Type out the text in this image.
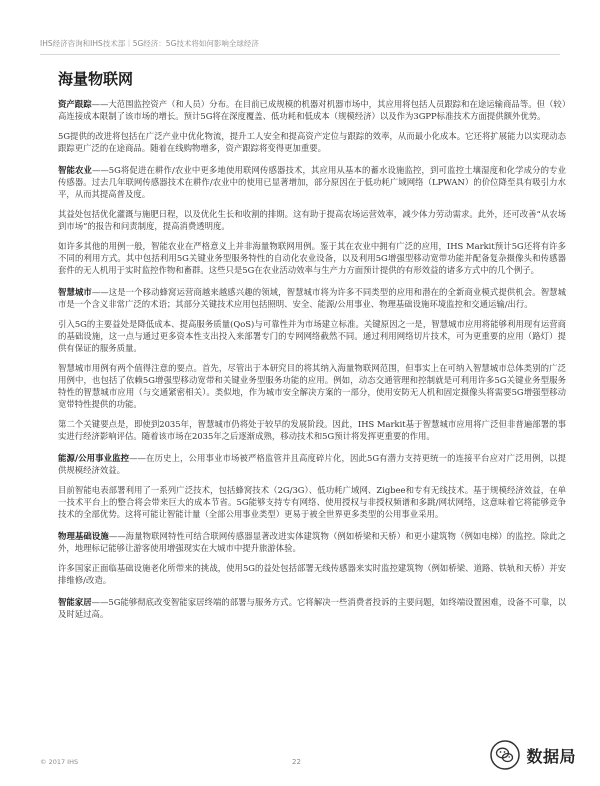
IHS经济咨询和IHS技术部｜5G经济：5G技术将如何影响全球经济
海量物联网

资产跟踪——大范围监控资产（和人员）分布。在目前已成规模的机器对机器市场中，其应用将包括人员跟踪和在途运输商品等。但（较）高连接成本限制了该市场的增长。预计5G将在深度覆盖、低功耗和低成本（规模经济）以及作为3GPP标准技术方面提供额外优势。

5G提供的改进将包括在广泛产业中优化物流，提升工人安全和提高资产定位与跟踪的效率，从而最小化成本。它还将扩展能力以实现动态跟踪更广泛的在途商品。随着在线购物增多，资产跟踪将变得更加重要。

智能农业——5G将促进在耕作/农业中更多地使用联网传感器技术，其应用从基本的蓄水设施监控，到可监控土壤湿度和化学成分的专业传感器。过去几年联网传感器技术在耕作/农业中的使用已显著增加，部分原因在于低功耗广域网络（LPWAN）的价位降至具有吸引力水平，从而其提高普及度。

其益处包括优化灌溉与施肥日程，以及优化生长和收割的排期。这有助于提高农场运营效率，减少体力劳动需求。此外，还可改善“从农场到市场”的报告和问责制度，提高消费透明度。

如许多其他的用例一般，智能农业在严格意义上并非海量物联网用例。鉴于其在农业中拥有广泛的应用，IHS Markit预计5G还将有许多不同的利用方式。其中包括利用5G关键业务型服务特性的自动化农业设备，以及利用5G增强型移动宽带功能并配备复杂摄像头和传感器套件的无人机用于实时监控作物和畜群。这些只是5G在农业活动效率与生产力方面预计提供的有形效益的诸多方式中的几个例子。

智慧城市——这是一个移动蜂窝运营商越来越感兴趣的领域，智慧城市将为许多不同类型的应用和潜在的全新商业模式提供机会。智慧城市是一个含义非常广泛的术语；其部分关键技术应用包括照明、安全、能源/公用事业、物理基础设施环境监控和交通运输/出行。

引入5G的主要益处是降低成本、提高服务质量(QoS)与可靠性并为市场建立标准。关键原因之一是，智慧城市应用将能够利用现有运营商的基础设施，这一点与通过更多资本性支出投入来部署专门的专网网络截然不同。通过利用网络切片技术，可为更重要的应用（路灯）提供有保证的服务质量。

智慧城市用例有两个值得注意的要点。首先，尽管出于本研究目的将其纳入海量物联网范围，但事实上在可纳入智慧城市总体类别的广泛用例中，也包括了依赖5G增强型移动宽带和关键业务型服务功能的应用。例如，动态交通管理和控制就是可利用许多5G关键业务型服务特性的智慧城市应用（与交通紧密相关）。类似地，作为城市安全解决方案的一部分，使用安防无人机和固定摄像头将需要5G增强型移动宽带特性提供的功能。

第二个关键要点是，即使到2035年，智慧城市仍将处于较早的发展阶段。因此，IHS Markit基于智慧城市应用将广泛但非普遍部署的事实进行经济影响评估。随着该市场在2035年之后逐渐成熟，移动技术和5G预计将发挥更重要的作用。

能源/公用事业监控——在历史上，公用事业市场被严格监管并且高度碎片化，因此5G有潜力支持更统一的连接平台应对广泛用例，以提供规模经济效益。

目前智能电表部署利用了一系列广泛技术，包括蜂窝技术（2G/3G）、低功耗广域网、Zigbee和专有无线技术。基于规模经济效益，在单一技术平台上的整合将会带来巨大的成本节省。5G能够支持专有网络、使用授权与非授权频谱和多跳/网状网络，这意味着它将能够竞争技术的全部优势。这将可能让智能计量（全部公用事业类型）更易于被全世界更多类型的公用事业采用。

物理基础设施——海量物联网特性可结合联网传感器显著改进实体建筑物（例如桥梁和天桥）和更小建筑物（例如电梯）的监控。除此之外，地理标记能够让游客使用增强现实在大城市中提升旅游体验。

许多国家正面临基础设施老化所带来的挑战，使用5G的益处包括部署无线传感器来实时监控建筑物（例如桥梁、道路、铁轨和天桥）并安排维修/改造。

智能家居——5G能够彻底改变智能家居终端的部署与服务方式。它将解决一些消费者投诉的主要问题，如终端设置困难，设备不可靠，以及时延过高。

© 2017 IHS	22	数据局
